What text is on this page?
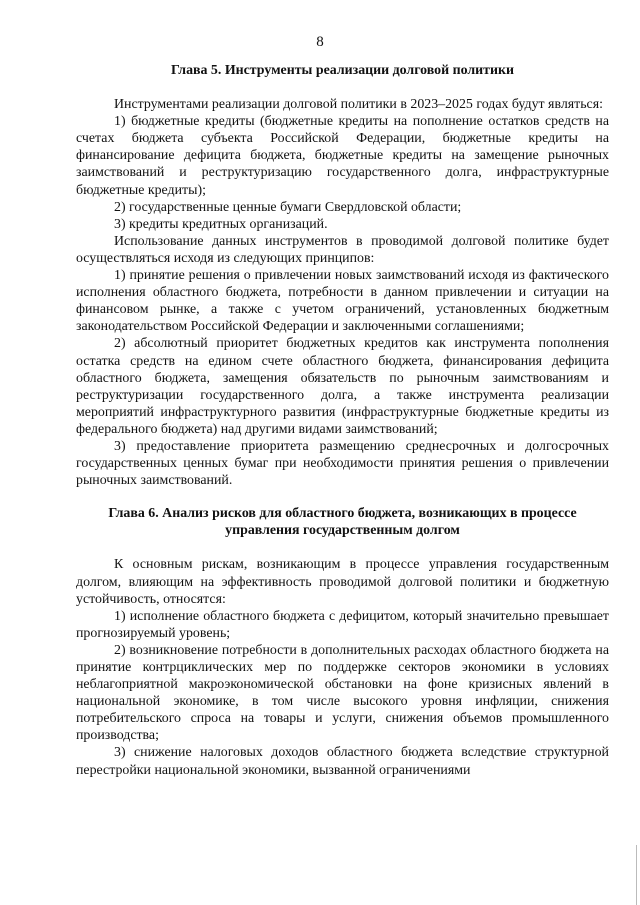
8

Глава 5. Инструменты реализации долговой политики

Инструментами реализации долговой политики в 2023–2025 годах будут являться:

1) бюджетные кредиты (бюджетные кредиты на пополнение остатков средств на счетах бюджета субъекта Российской Федерации, бюджетные кредиты на финансирование дефицита бюджета, бюджетные кредиты на замещение рыночных заимствований и реструктуризацию государственного долга, инфраструктурные бюджетные кредиты);

2) государственные ценные бумаги Свердловской области;

3) кредиты кредитных организаций.

Использование данных инструментов в проводимой долговой политике будет осуществляться исходя из следующих принципов:

1) принятие решения о привлечении новых заимствований исходя из фактического исполнения областного бюджета, потребности в данном привлечении и ситуации на финансовом рынке, а также с учетом ограничений, установленных бюджетным законодательством Российской Федерации и заключенными соглашениями;

2) абсолютный приоритет бюджетных кредитов как инструмента пополнения остатка средств на едином счете областного бюджета, финансирования дефицита областного бюджета, замещения обязательств по рыночным заимствованиям и реструктуризации государственного долга, а также инструмента реализации мероприятий инфраструктурного развития (инфраструктурные бюджетные кредиты из федерального бюджета) над другими видами заимствований;

3) предоставление приоритета размещению среднесрочных и долгосрочных государственных ценных бумаг при необходимости принятия решения о привлечении рыночных заимствований.

Глава 6. Анализ рисков для областного бюджета, возникающих в процессе управления государственным долгом

К основным рискам, возникающим в процессе управления государственным долгом, влияющим на эффективность проводимой долговой политики и бюджетную устойчивость, относятся:

1) исполнение областного бюджета с дефицитом, который значительно превышает прогнозируемый уровень;

2) возникновение потребности в дополнительных расходах областного бюджета на принятие контрциклических мер по поддержке секторов экономики в условиях неблагоприятной макроэкономической обстановки на фоне кризисных явлений в национальной экономике, в том числе высокого уровня инфляции, снижения потребительского спроса на товары и услуги, снижения объемов промышленного производства;

3) снижение налоговых доходов областного бюджета вследствие структурной перестройки национальной экономики, вызванной ограничениями
